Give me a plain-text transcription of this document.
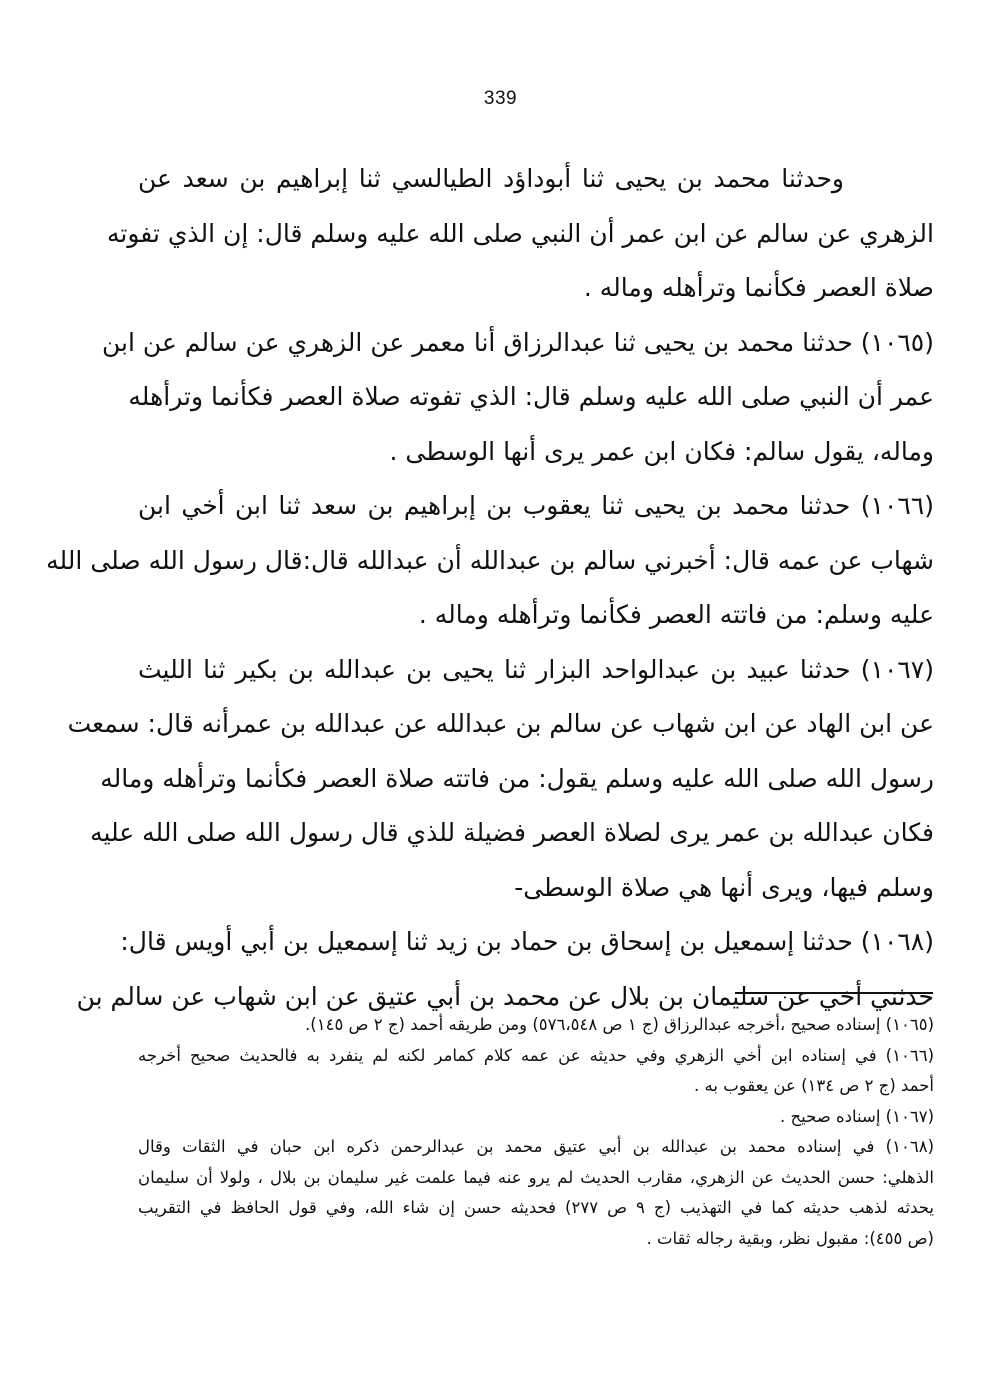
339
وحدثنا محمد بن يحيى ثنا أبوداؤد الطيالسي ثنا إبراهيم بن سعد عن
الزهري عن سالم عن ابن عمر أن النبي صلى الله عليه وسلم قال: إن الذي تفوته
صلاة العصر فكأنما وترأهله وماله .
(١٠٦٥) حدثنا محمد بن يحيى ثنا عبدالرزاق أنا معمر عن الزهري عن سالم عن ابن
عمر أن النبي صلى الله عليه وسلم قال: الذي تفوته صلاة العصر فكأنما وترأهله
وماله، يقول سالم: فكان ابن عمر يرى أنها الوسطى .
(١٠٦٦) حدثنا محمد بن يحيى ثنا يعقوب بن إبراهيم بن سعد ثنا ابن أخي ابن
شهاب عن عمه قال: أخبرني سالم بن عبدالله أن عبدالله قال:قال رسول الله صلى الله
عليه وسلم: من فاتته العصر فكأنما وترأهله وماله .
(١٠٦٧) حدثنا عبيد بن عبدالواحد البزار ثنا يحيى بن عبدالله بن بكير ثنا الليث
عن ابن الهاد عن ابن شهاب عن سالم بن عبدالله عن عبدالله بن عمرأنه قال: سمعت
رسول الله صلى الله عليه وسلم يقول: من فاتته صلاة العصر فكأنما وترأهله وماله
فكان عبدالله بن عمر يرى لصلاة العصر فضيلة للذي قال رسول الله صلى الله عليه
وسلم فيها، ويرى أنها هي صلاة الوسطى-
(١٠٦٨) حدثنا إسمعيل بن إسحاق بن حماد بن زيد ثنا إسمعيل بن أبي أويس قال:
حدثني أخي عن سليمان بن بلال عن محمد بن أبي عتيق عن ابن شهاب عن سالم بن
(١٠٦٥) إسناده صحيح ،أخرجه عبدالرزاق (ج ١ ص ٥٧٦،٥٤٨) ومن طريقه أحمد (ج ٢ ص ١٤٥).
(١٠٦٦) في إسناده ابن أخي الزهري وفي حديثه عن عمه كلام كمامر لكنه لم ينفرد به فالحديث صحيح أخرجه
أحمد (ج ٢ ص ١٣٤) عن يعقوب به .
(١٠٦٧) إسناده صحيح .
(١٠٦٨) في إسناده محمد بن عبدالله بن أبي عتيق محمد بن عبدالرحمن ذكره ابن حبان في الثقات وقال
الذهلي: حسن الحديث عن الزهري، مقارب الحديث لم يرو عنه فيما علمت غير سليمان بن بلال ، ولولا أن سليمان
يحدثه لذهب حديثه كما في التهذيب (ج ٩ ص ٢٧٧) فحديثه حسن إن شاء الله، وفي قول الحافظ في التقريب
(ص ٤٥٥): مقبول نظر، وبقية رجاله ثقات .
